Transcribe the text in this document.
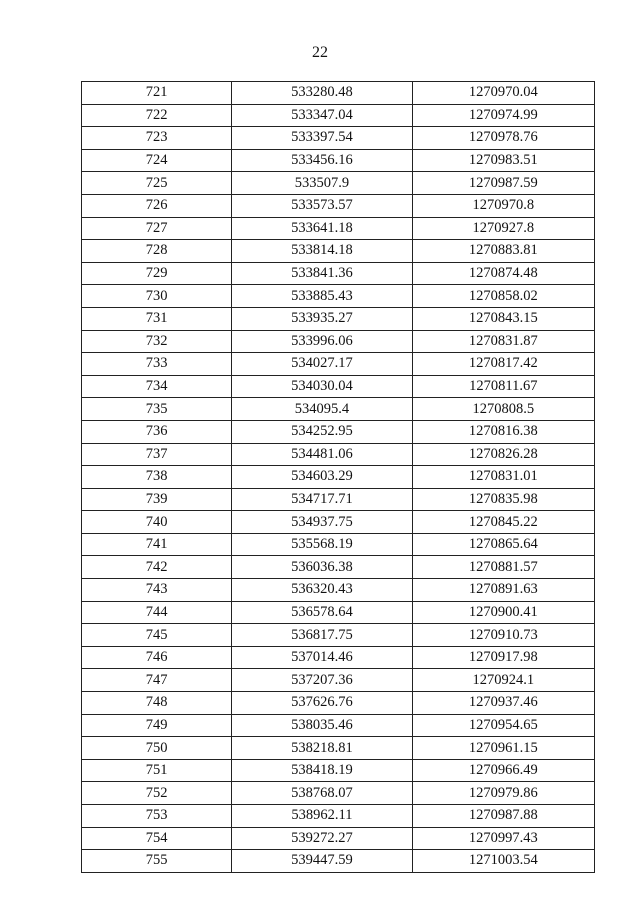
22
721	533280.48	1270970.04
722	533347.04	1270974.99
723	533397.54	1270978.76
724	533456.16	1270983.51
725	533507.9	1270987.59
726	533573.57	1270970.8
727	533641.18	1270927.8
728	533814.18	1270883.81
729	533841.36	1270874.48
730	533885.43	1270858.02
731	533935.27	1270843.15
732	533996.06	1270831.87
733	534027.17	1270817.42
734	534030.04	1270811.67
735	534095.4	1270808.5
736	534252.95	1270816.38
737	534481.06	1270826.28
738	534603.29	1270831.01
739	534717.71	1270835.98
740	534937.75	1270845.22
741	535568.19	1270865.64
742	536036.38	1270881.57
743	536320.43	1270891.63
744	536578.64	1270900.41
745	536817.75	1270910.73
746	537014.46	1270917.98
747	537207.36	1270924.1
748	537626.76	1270937.46
749	538035.46	1270954.65
750	538218.81	1270961.15
751	538418.19	1270966.49
752	538768.07	1270979.86
753	538962.11	1270987.88
754	539272.27	1270997.43
755	539447.59	1271003.54
